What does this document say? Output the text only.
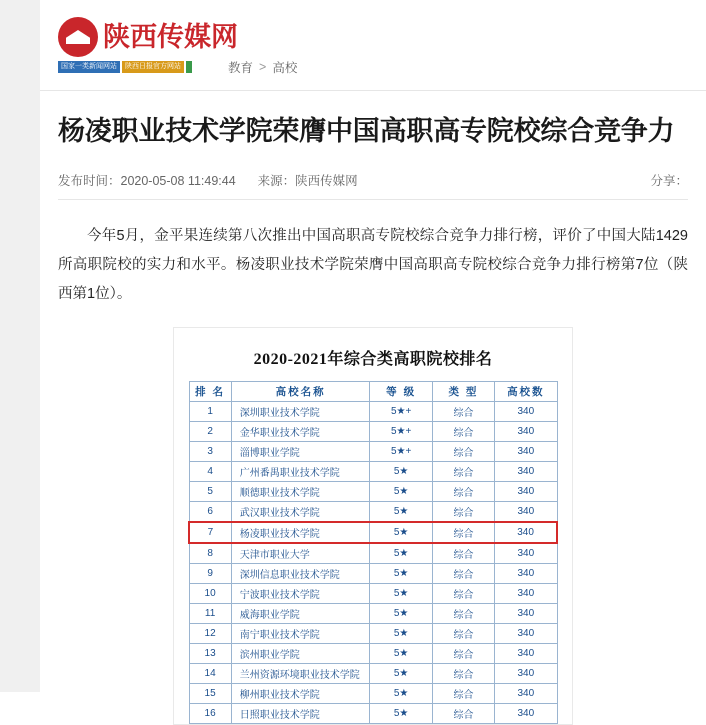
陕西传媒网
国家一类新闻网站	陕西日报官方网站	教育 > 高校
杨凌职业技术学院荣膺中国高职高专院校综合竞争力
发布时间：2020-05-08 11:49:44 来源：陕西传媒网	分享：

今年5月，金平果连续第八次推出中国高职高专院校综合竞争力排行榜，评价了中国大陆1429所高职院校的实力和水平。杨凌职业技术学院荣膺中国高职高专院校综合竞争力排行榜第7位（陕西第1位）。

2020-2021年综合类高职院校排名
排 名	高校名称	等 级	类 型	高校数
1	深圳职业技术学院	5★+	综合	340
2	金华职业技术学院	5★+	综合	340
3	淄博职业学院	5★+	综合	340
4	广州番禺职业技术学院	5★	综合	340
5	顺德职业技术学院	5★	综合	340
6	武汉职业技术学院	5★	综合	340
7	杨凌职业技术学院	5★	综合	340
8	天津市职业大学	5★	综合	340
9	深圳信息职业技术学院	5★	综合	340
10	宁波职业技术学院	5★	综合	340
11	威海职业学院	5★	综合	340
12	南宁职业技术学院	5★	综合	340
13	滨州职业学院	5★	综合	340
14	兰州资源环境职业技术学院	5★	综合	340
15	柳州职业技术学院	5★	综合	340
16	日照职业技术学院	5★	综合	340
